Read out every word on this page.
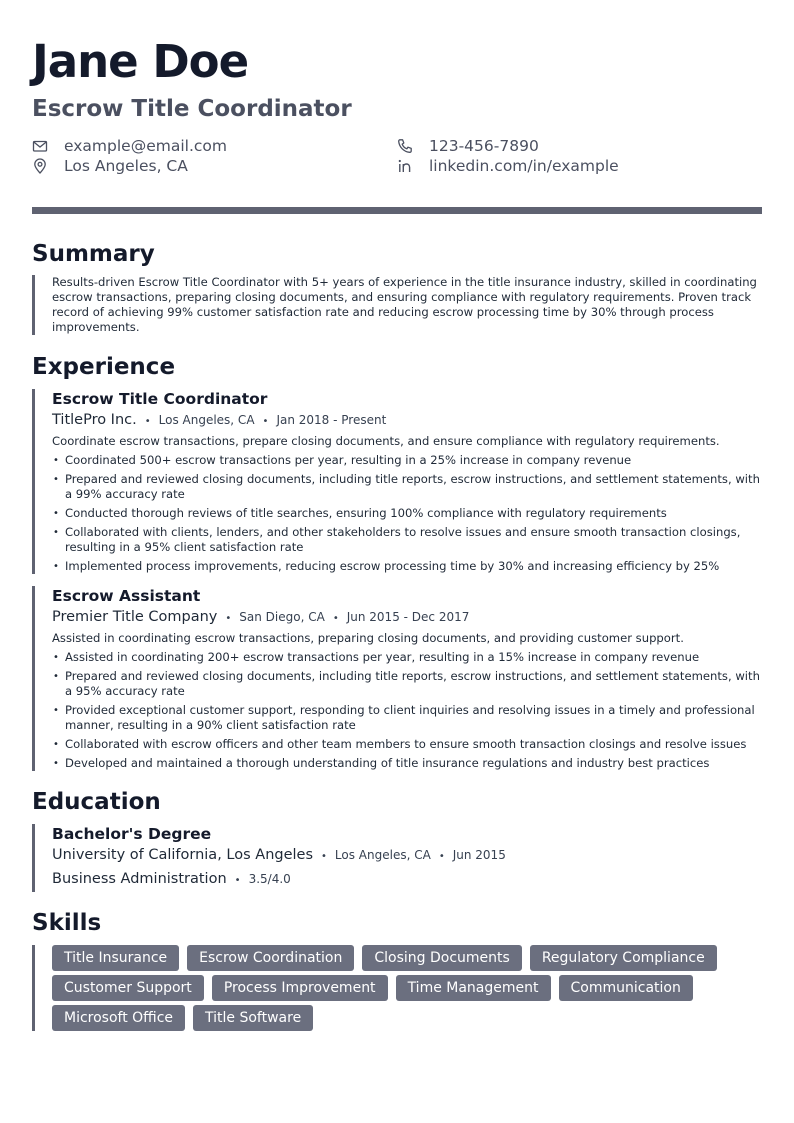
Jane Doe
Escrow Title Coordinator
example@email.com	123-456-7890
Los Angeles, CA	linkedin.com/in/example
Summary
Results-driven Escrow Title Coordinator with 5+ years of experience in the title insurance industry, skilled in coordinating escrow transactions, preparing closing documents, and ensuring compliance with regulatory requirements. Proven track record of achieving 99% customer satisfaction rate and reducing escrow processing time by 30% through process improvements.
Experience
Escrow Title Coordinator
TitlePro Inc. • Los Angeles, CA • Jan 2018 - Present
Coordinate escrow transactions, prepare closing documents, and ensure compliance with regulatory requirements.
• Coordinated 500+ escrow transactions per year, resulting in a 25% increase in company revenue
• Prepared and reviewed closing documents, including title reports, escrow instructions, and settlement statements, with a 99% accuracy rate
• Conducted thorough reviews of title searches, ensuring 100% compliance with regulatory requirements
• Collaborated with clients, lenders, and other stakeholders to resolve issues and ensure smooth transaction closings, resulting in a 95% client satisfaction rate
• Implemented process improvements, reducing escrow processing time by 30% and increasing efficiency by 25%
Escrow Assistant
Premier Title Company • San Diego, CA • Jun 2015 - Dec 2017
Assisted in coordinating escrow transactions, preparing closing documents, and providing customer support.
• Assisted in coordinating 200+ escrow transactions per year, resulting in a 15% increase in company revenue
• Prepared and reviewed closing documents, including title reports, escrow instructions, and settlement statements, with a 95% accuracy rate
• Provided exceptional customer support, responding to client inquiries and resolving issues in a timely and professional manner, resulting in a 90% client satisfaction rate
• Collaborated with escrow officers and other team members to ensure smooth transaction closings and resolve issues
• Developed and maintained a thorough understanding of title insurance regulations and industry best practices
Education
Bachelor's Degree
University of California, Los Angeles • Los Angeles, CA • Jun 2015
Business Administration • 3.5/4.0
Skills
Title Insurance	Escrow Coordination	Closing Documents	Regulatory Compliance
Customer Support	Process Improvement	Time Management	Communication
Microsoft Office	Title Software
